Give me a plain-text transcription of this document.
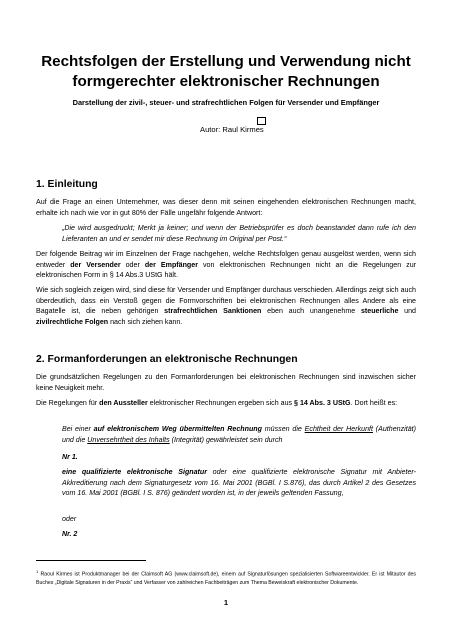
Rechtsfolgen der Erstellung und Verwendung nicht
formgerechter elektronischer Rechnungen

Darstellung der zivil-, steuer- und strafrechtlichen Folgen für Versender und Empfänger

Autor: Raul Kirmes
1. Einleitung

Auf die Frage an einen Unternehmer, was dieser denn mit seinen eingehenden elektronischen Rechnungen macht, erhalte ich nach wie vor in gut 80% der Fälle ungefähr folgende Antwort:

„Die wird ausgedruckt; Merkt ja keiner; und wenn der Betriebsprüfer es doch beanstandet dann rufe ich den Lieferanten an und er sendet mir diese Rechnung im Original per Post.“

Der folgende Beitrag wir im Einzelnen der Frage nachgehen, welche Rechtsfolgen genau ausgelöst werden, wenn sich entweder der Versender oder der Empfänger von elektronischen Rechnungen nicht an die Regelungen zur elektronischen Form in § 14 Abs.3 UStG hält.

Wie sich sogleich zeigen wird, sind diese für Versender und Empfänger durchaus verschieden. Allerdings zeigt sich auch überdeutlich, dass ein Verstoß gegen die Formvorschriften bei elektronischen Rechnungen alles Andere als eine Bagatelle ist, die neben gehörigen strafrechtlichen Sanktionen eben auch unangenehme steuerliche und zivilrechtliche Folgen nach sich ziehen kann.

2. Formanforderungen an elektronische Rechnungen

Die grundsätzlichen Regelungen zu den Formanforderungen bei elektronischen Rechnungen sind inzwischen sicher keine Neuigkeit mehr.

Die Regelungen für den Aussteller elektronischer Rechnungen ergeben sich aus § 14 Abs. 3 UStG. Dort heißt es:

Bei einer auf elektronischem Weg übermittelten Rechnung müssen die Echtheit der Herkunft (Authenzität) und die Unversehrtheit des Inhalts (Integrität) gewährleistet sein durch

Nr 1.

eine qualifizierte elektronische Signatur oder eine qualifizierte elektronische Signatur mit Anbieter-Akkreditierung nach dem Signaturgesetz vom 16. Mai 2001 (BGBl. I S.876), das durch Artikel 2 des Gesetzes vom 16. Mai 2001 (BGBl. I S. 876) geändert worden ist, in der jeweils geltenden Fassung,

oder

Nr. 2

$^1$ Raoul Kirmes ist Produktmanager bei der Claimsoft AG (www.claimsoft.de), einem auf Signaturlösungen spezialisierten Softwareentwickler. Er ist Mitautor des Buches „Digitale Signaturen in der Praxis“ und Verfasser von zahlreichen Fachbeiträgen zum Thema Beweiskraft elektronischer Dokumente.

1
